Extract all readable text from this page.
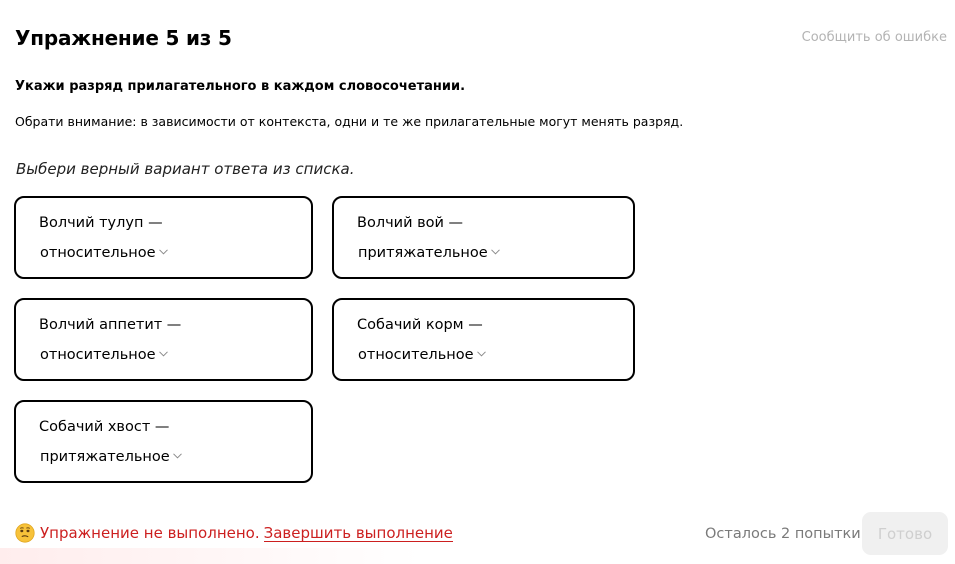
Упражнение 5 из 5	Сообщить об ошибке
Укажи разряд прилагательного в каждом словосочетании.
Обрати внимание: в зависимости от контекста, одни и те же прилагательные могут менять разряд.
Выбери верный вариант ответа из списка.
Волчий тулуп —
относительное
Волчий вой —
притяжательное
Волчий аппетит —
относительное
Собачий корм —
относительное
Собачий хвост —
притяжательное
Упражнение не выполнено. Завершить выполнение	Осталось 2 попытки	Готово
